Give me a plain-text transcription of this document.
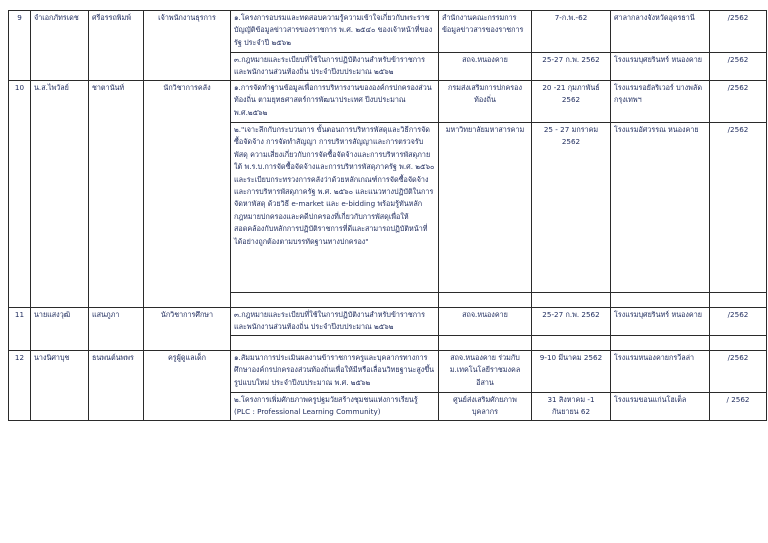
9	จำเอกภัทรเดช	ศรีอรรถพิมพ์	เจ้าพนักงานธุรการ	๑.โครงการอบรมและทดสอบความรู้ความเข้าใจเกี่ยวกับพระราชบัญญัติข้อมูลข่าวสารของราชการ พ.ศ. ๒๕๔๐ ของเจ้าหน้าที่ของรัฐ ประจำปี ๒๕๖๒	สำนักงานคณะกรรมการข้อมูลข่าวสารของราชการ	7-ก.พ.-62	ศาลากลางจังหวัดอุดรธานี	/2562
				๓.กฎหมายและระเบียบที่ใช้ในการปฏิบัติงานสำหรับข้าราชการและพนักงานส่วนท้องถิ่น ประจำปีงบประมาณ ๒๕๖๒	สถจ.หนองคาย	25-27 ก.พ. 2562	โรงแรมบุศยรินทร์ หนองคาย	/2562
10	น.ส.ไพวัลย์	ชาตานันท์	นักวิชาการคลัง	๑.การจัดทำฐานข้อมูลเพื่อการบริหารงานขององค์กรปกครองส่วนท้องถิ่น ตามยุทธศาสตร์การพัฒนาประเทศ ปีงบประมาณ พ.ศ.๒๕๖๒	กรมส่งเสริมการปกครองท้องถิ่น	20 -21 กุมภาพันธ์ 2562	โรงแรมรอยัลริเวอร์ บางพลัด กรุงเทพฯ	/2562
				๒."เจาะลึกกับกระบวนการ ขั้นตอนการบริหารพัสดุและวิธีการจัดซื้อจัดจ้าง การจัดทำสัญญา การบริหารสัญญาและการตรวจรับพัสดุ ความเสี่ยงเกี่ยวกับการจัดซื้อจัดจ้างและการบริหารพัสดุภายใต้ พ.ร.บ.การจัดซื้อจัดจ้างและการบริหารพัสดุภาครัฐ พ.ศ. ๒๕๖๐ และระเบียบกระทรวงการคลังว่าด้วยหลักเกณฑ์การจัดซื้อจัดจ้างและการบริหารพัสดุภาครัฐ พ.ศ. ๒๕๖๐ และแนวทางปฏิบัติในการจัดหาพัสดุ ด้วยวิธี e-market และ e-bidding พร้อมรู้ทันหลักกฎหมายปกครองและคดีปกครองที่เกี่ยวกับการพัสดุเพื่อให้สอดคล้องกับหลักการปฏิบัติราชการที่ดีและสามารถปฏิบัติหน้าที่ได้อย่างถูกต้องตามบรรทัดฐานทางปกครอง"	มหาวิทยาลัยมหาสารคาม	25 - 27 มกราคม 2562	โรงแรมอัศวรรณ หนองคาย	/2562

11	นายแสงวุฒิ	แสนภูภา	นักวิชาการศึกษา	๓.กฎหมายและระเบียบที่ใช้ในการปฏิบัติงานสำหรับข้าราชการและพนักงานส่วนท้องถิ่น ประจำปีงบประมาณ ๒๕๖๒	สถจ.หนองคาย	25-27 ก.พ. 2562	โรงแรมบุศยรินทร์ หนองคาย	/2562

12	นางนิศาบุช	ธนพนต์นพพร	ครูผู้ดูแลเด็ก	๑.สัมมนาการประเมินผลงานข้าราชการครูและบุคลากรทางการศึกษาองค์กรปกครองส่วนท้องถิ่นเพื่อให้มีหรือเลื่อนวิทยฐานะสูงขึ้นรูปแบบใหม่ ประจำปีงบประมาณ พ.ศ. ๒๕๖๒	สถจ.หนองคาย ร่วมกับ ม.เทคโนโลยีราชมงคลอีสาน	9-10 มีนาคม 2562	โรงแรมหนองคายกรวีลล่า	/2562
				๒.โครงการเพิ่มศักยภาพครูปฐมวัยสร้างชุมชนแห่งการเรียนรู้ (PLC : Professional Learning Community)	ศูนย์ส่งเสริมศักยภาพบุคลากร	31 สิงหาคม -1 กันยายน 62	โรงแรมขอนแก่นโฮเต็ล	/ 2562
